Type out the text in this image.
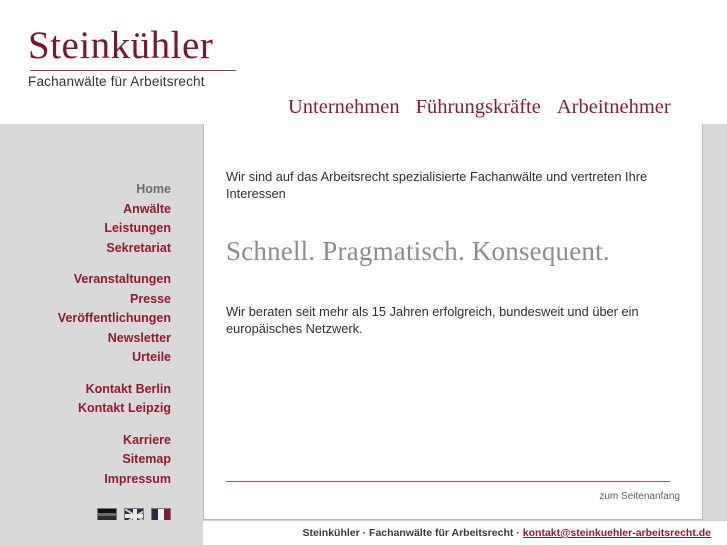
Steinkühler
Fachanwälte für Arbeitsrecht
Unternehmen Führungskräfte Arbeitnehmer
Home
Anwälte
Leistungen
Sekretariat
Veranstaltungen
Presse
Veröffentlichungen
Newsletter
Urteile
Kontakt Berlin
Kontakt Leipzig
Karriere
Sitemap
Impressum

Wir sind auf das Arbeitsrecht spezialisierte Fachanwälte und vertreten Ihre Interessen

Schnell. Pragmatisch. Konsequent.

Wir beraten seit mehr als 15 Jahren erfolgreich, bundesweit und über ein europäisches Netzwerk.

zum Seitenanfang
Steinkühler · Fachanwälte für Arbeitsrecht · kontakt@steinkuehler-arbeitsrecht.de
